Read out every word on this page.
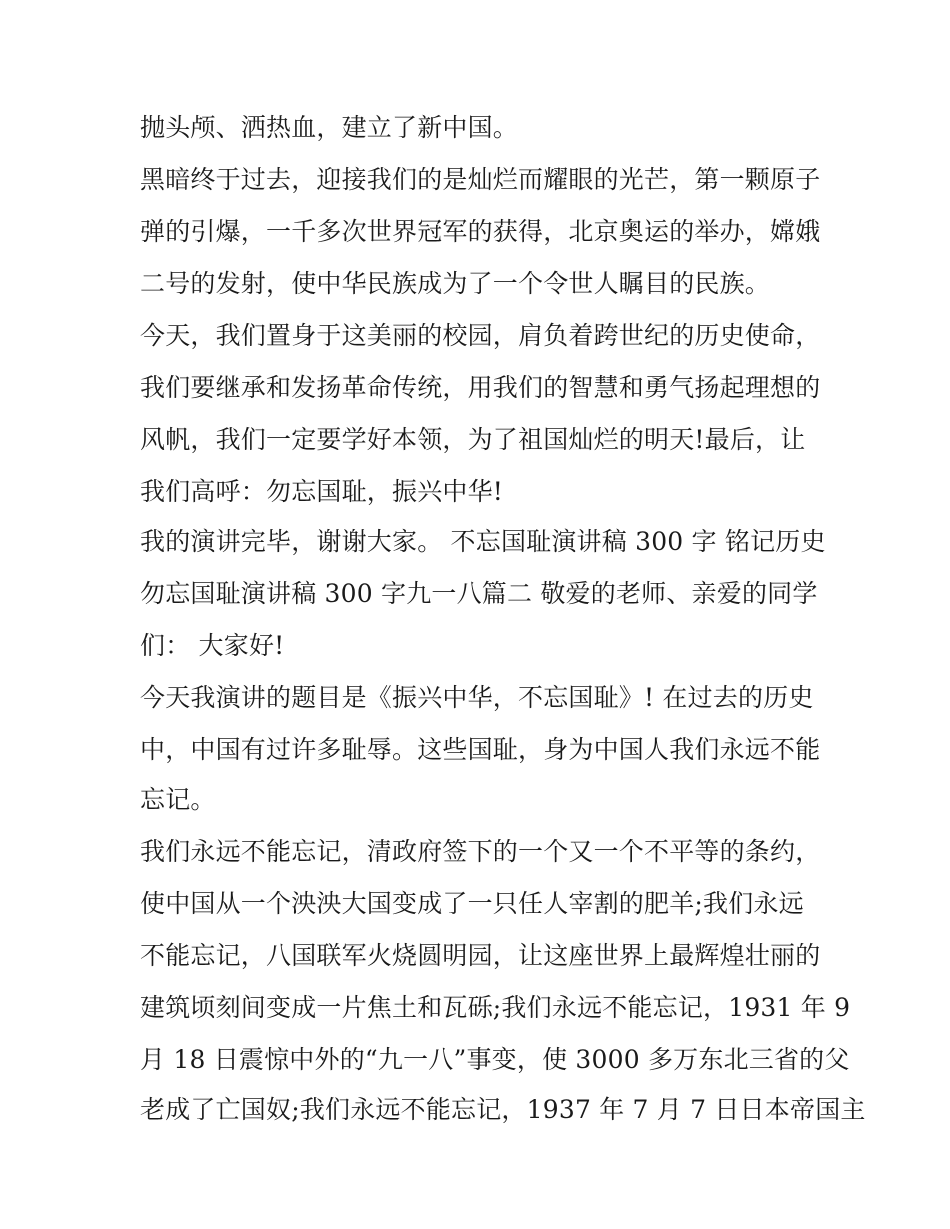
抛头颅、洒热血，建立了新中国。
黑暗终于过去，迎接我们的是灿烂而耀眼的光芒，第一颗原子
弹的引爆，一千多次世界冠军的获得，北京奥运的举办，嫦娥
二号的发射，使中华民族成为了一个令世人瞩目的民族。
今天，我们置身于这美丽的校园，肩负着跨世纪的历史使命，
我们要继承和发扬革命传统，用我们的智慧和勇气扬起理想的
风帆，我们一定要学好本领，为了祖国灿烂的明天!最后，让
我们高呼：勿忘国耻，振兴中华!
我的演讲完毕，谢谢大家。 不忘国耻演讲稿 300 字 铭记历史
勿忘国耻演讲稿 300 字九一八篇二 敬爱的老师、亲爱的同学
们： 大家好!
今天我演讲的题目是《振兴中华，不忘国耻》! 在过去的历史
中，中国有过许多耻辱。这些国耻，身为中国人我们永远不能
忘记。
我们永远不能忘记，清政府签下的一个又一个不平等的条约，
使中国从一个泱泱大国变成了一只任人宰割的肥羊;我们永远
不能忘记，八国联军火烧圆明园，让这座世界上最辉煌壮丽的
建筑顷刻间变成一片焦土和瓦砾;我们永远不能忘记，1931 年 9
月 18 日震惊中外的“九一八”事变，使 3000 多万东北三省的父
老成了亡国奴;我们永远不能忘记，1937 年 7 月 7 日日本帝国主
